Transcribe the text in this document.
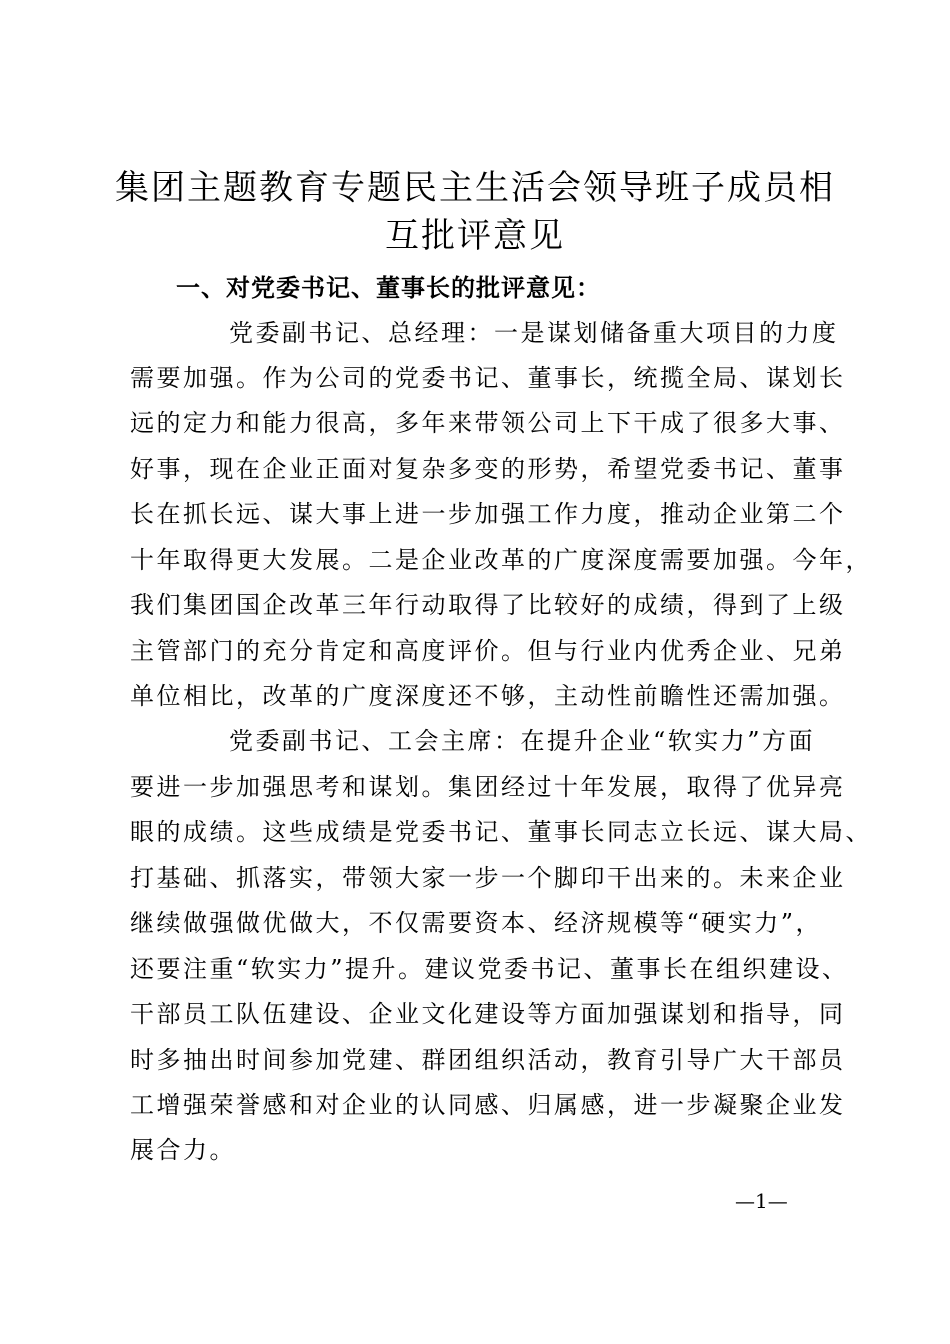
集团主题教育专题民主生活会领导班子成员相
互批评意见
一、对党委书记、董事长的批评意见：
党委副书记、总经理：一是谋划储备重大项目的力度
需要加强。作为公司的党委书记、董事长，统揽全局、谋划长
远的定力和能力很高，多年来带领公司上下干成了很多大事、
好事，现在企业正面对复杂多变的形势，希望党委书记、董事
长在抓长远、谋大事上进一步加强工作力度，推动企业第二个
十年取得更大发展。二是企业改革的广度深度需要加强。今年，
我们集团国企改革三年行动取得了比较好的成绩，得到了上级
主管部门的充分肯定和高度评价。但与行业内优秀企业、兄弟
单位相比，改革的广度深度还不够，主动性前瞻性还需加强。
党委副书记、工会主席：在提升企业“软实力”方面
要进一步加强思考和谋划。集团经过十年发展，取得了优异亮
眼的成绩。这些成绩是党委书记、董事长同志立长远、谋大局、
打基础、抓落实，带领大家一步一个脚印干出来的。未来企业
继续做强做优做大，不仅需要资本、经济规模等“硬实力”，
还要注重“软实力”提升。建议党委书记、董事长在组织建设、
干部员工队伍建设、企业文化建设等方面加强谋划和指导，同
时多抽出时间参加党建、群团组织活动，教育引导广大干部员
工增强荣誉感和对企业的认同感、归属感，进一步凝聚企业发
展合力。
—1—
